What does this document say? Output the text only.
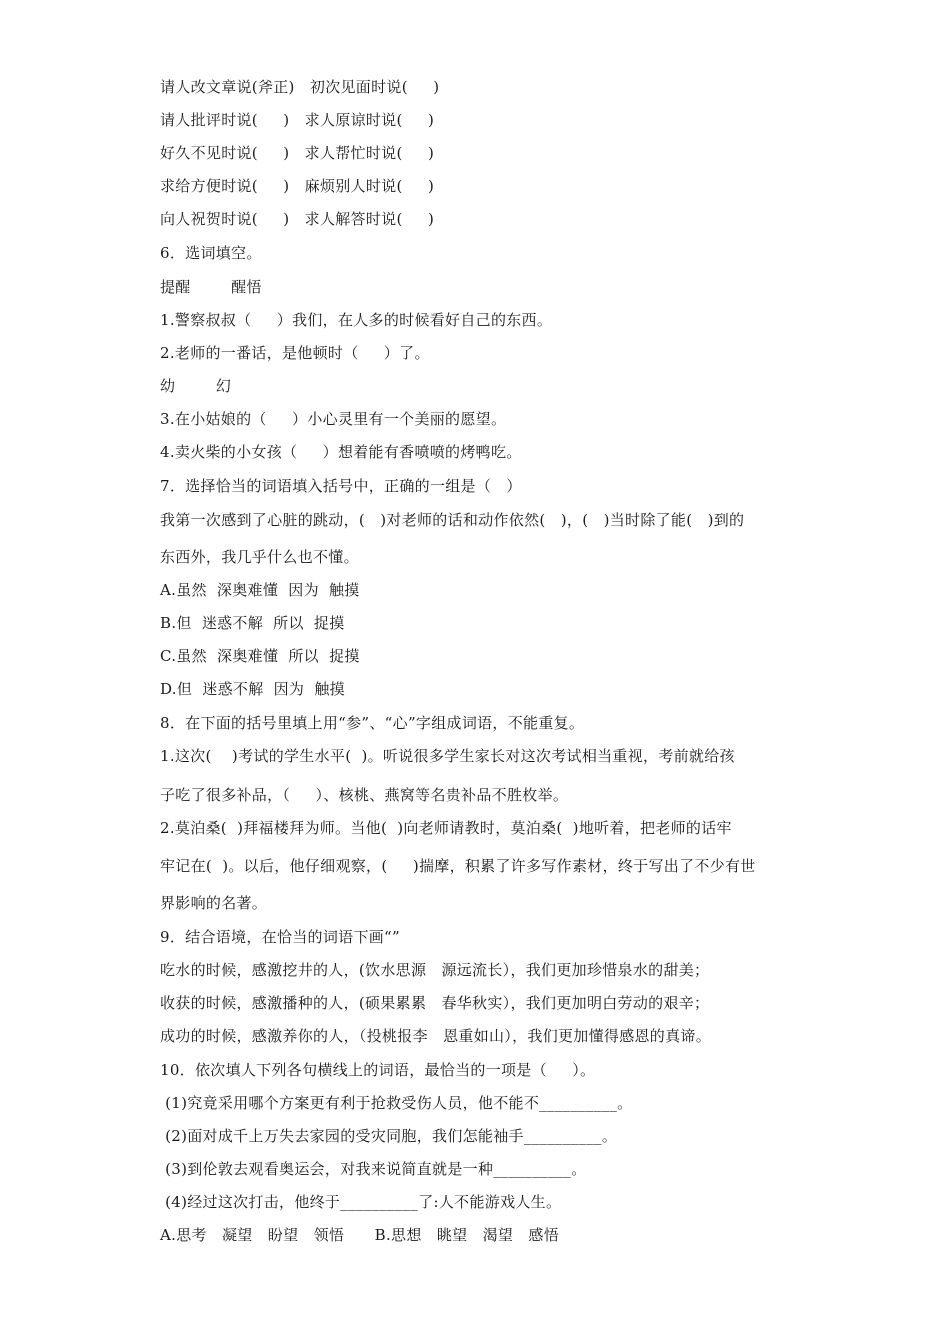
请人改文章说(斧正)   初次见面时说(     )
请人批评时说(     )   求人原谅时说(     )
好久不见时说(     )   求人帮忙时说(     )
求给方便时说(     )   麻烦别人时说(     )
向人祝贺时说(     )   求人解答时说(     )
6．选词填空。
提醒        醒悟
1.警察叔叔（     ）我们，在人多的时候看好自己的东西。
2.老师的一番话，是他顿时（     ）了。
幼        幻
3.在小姑娘的（     ）小心灵里有一个美丽的愿望。
4.卖火柴的小女孩（     ）想着能有香喷喷的烤鸭吃。
7．选择恰当的词语填入括号中，正确的一组是（   ）
我第一次感到了心脏的跳动，(   )对老师的话和动作依然(   )，(   )当时除了能(   )到的
东西外，我几乎什么也不懂。
A.虽然  深奥难懂  因为  触摸
B.但  迷惑不解  所以  捉摸
C.虽然  深奥难懂  所以  捉摸
D.但  迷惑不解  因为  触摸
8．在下面的括号里填上用“参”、“心”字组成词语，不能重复。
1.这次(    )考试的学生水平(  )。听说很多学生家长对这次考试相当重视，考前就给孩
子吃了很多补品，（     ）、核桃、燕窝等名贵补品不胜枚举。
2.莫泊桑(  )拜福楼拜为师。当他(  )向老师请教时，莫泊桑(  )地听着，把老师的话牢
牢记在(  )。以后，他仔细观察，(     )揣摩，积累了许多写作素材，终于写出了不少有世
界影响的名著。
9．结合语境，在恰当的词语下画“”
吃水的时候，感激挖井的人，(饮水思源   源远流长），我们更加珍惜泉水的甜美；
收获的时候，感激播种的人，(硕果累累   春华秋实），我们更加明白劳动的艰辛；
成功的时候，感激养你的人，（投桃报李   恩重如山），我们更加懂得感恩的真谛。
10．依次填人下列各句横线上的词语，最恰当的一项是（     ）。
(1)究竟采用哪个方案更有利于抢救受伤人员，他不能不__________。
(2)面对成千上万失去家园的受灾同胞，我们怎能袖手__________。
(3)到伦敦去观看奥运会，对我来说简直就是一种__________。
(4)经过这次打击，他终于__________了:人不能游戏人生。
A.思考   凝望   盼望   领悟      B.思想   眺望   渴望   感悟
